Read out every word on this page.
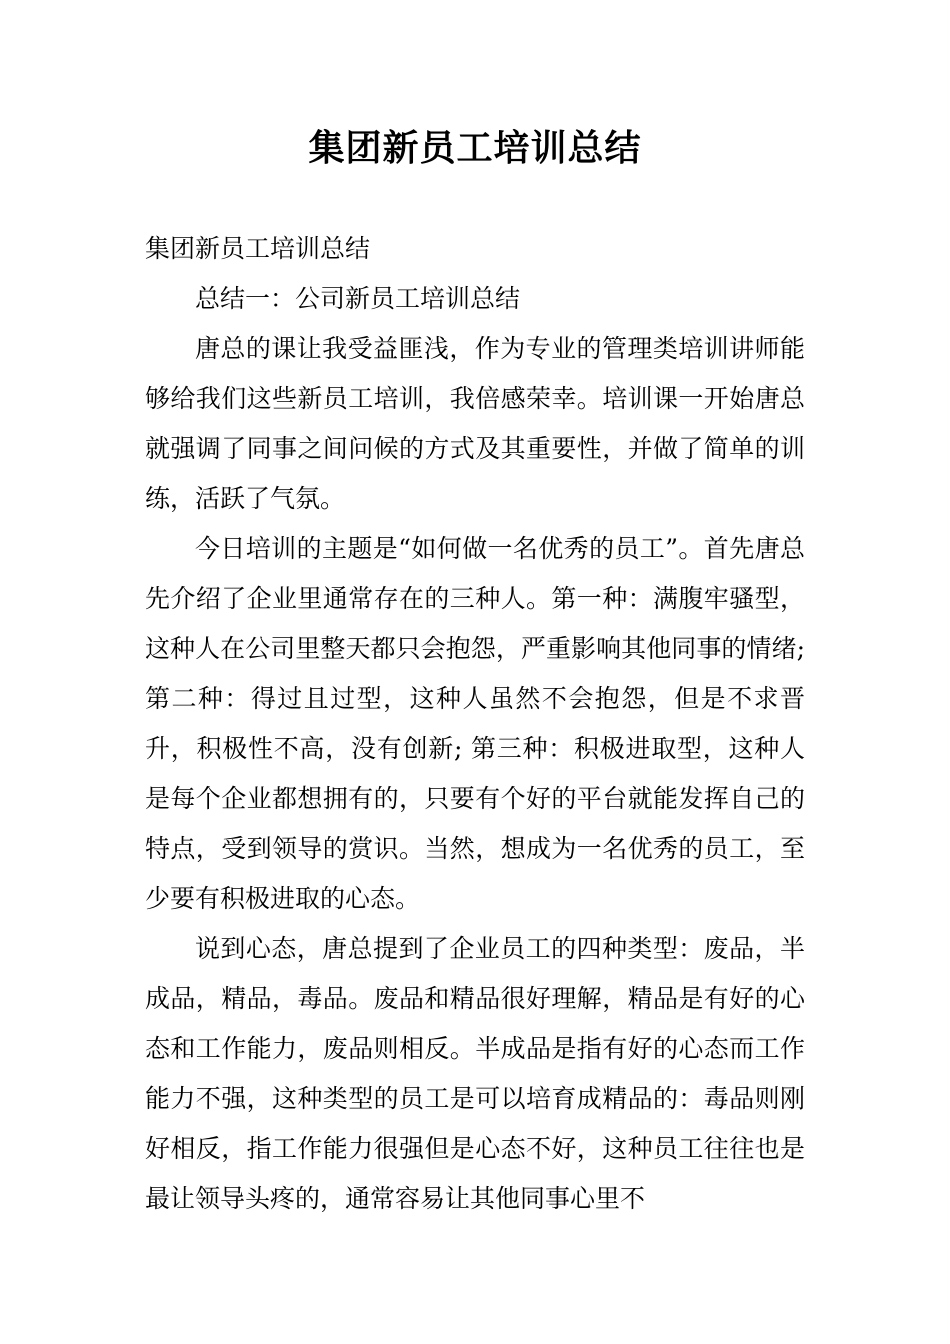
集团新员工培训总结

集团新员工培训总结

总结一：公司新员工培训总结

唐总的课让我受益匪浅，作为专业的管理类培训讲师能够给我们这些新员工培训，我倍感荣幸。培训课一开始唐总就强调了同事之间问候的方式及其重要性，并做了简单的训练，活跃了气氛。

今日培训的主题是“如何做一名优秀的员工”。首先唐总先介绍了企业里通常存在的三种人。第一种：满腹牢骚型，这种人在公司里整天都只会抱怨，严重影响其他同事的情绪;第二种：得过且过型，这种人虽然不会抱怨，但是不求晋升，积极性不高，没有创新; 第三种：积极进取型，这种人是每个企业都想拥有的，只要有个好的平台就能发挥自己的特点，受到领导的赏识。当然，想成为一名优秀的员工，至少要有积极进取的心态。

说到心态，唐总提到了企业员工的四种类型：废品，半成品，精品，毒品。废品和精品很好理解，精品是有好的心态和工作能力，废品则相反。半成品是指有好的心态而工作能力不强，这种类型的员工是可以培育成精品的：毒品则刚好相反，指工作能力很强但是心态不好，这种员工往往也是最让领导头疼的，通常容易让其他同事心里不
